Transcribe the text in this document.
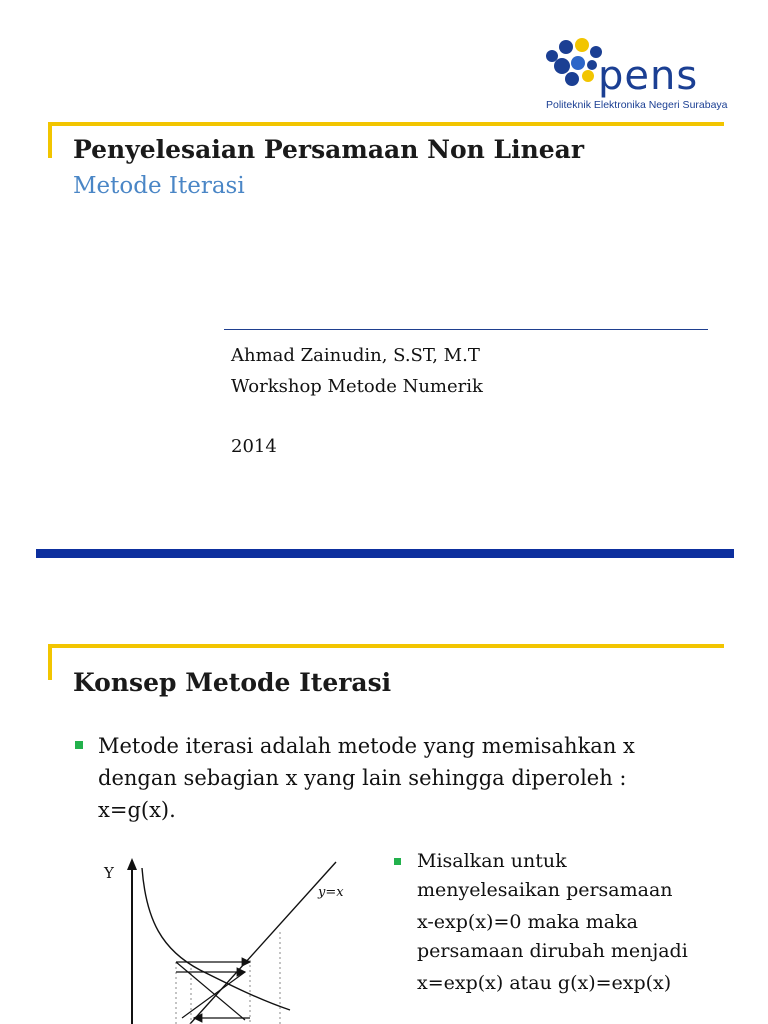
pens
Politeknik Elektronika Negeri Surabaya
Penyelesaian Persamaan Non Linear
Metode Iterasi
Ahmad Zainudin, S.ST, M.T
Workshop Metode Numerik
2014
Konsep Metode Iterasi
Metode iterasi adalah metode yang memisahkan x
dengan sebagian x yang lain sehingga diperoleh :
x=g(x).
Misalkan untuk
menyelesaikan persamaan
x-exp(x)=0 maka maka
persamaan dirubah menjadi
x=exp(x) atau g(x)=exp(x)
Y
y=x
